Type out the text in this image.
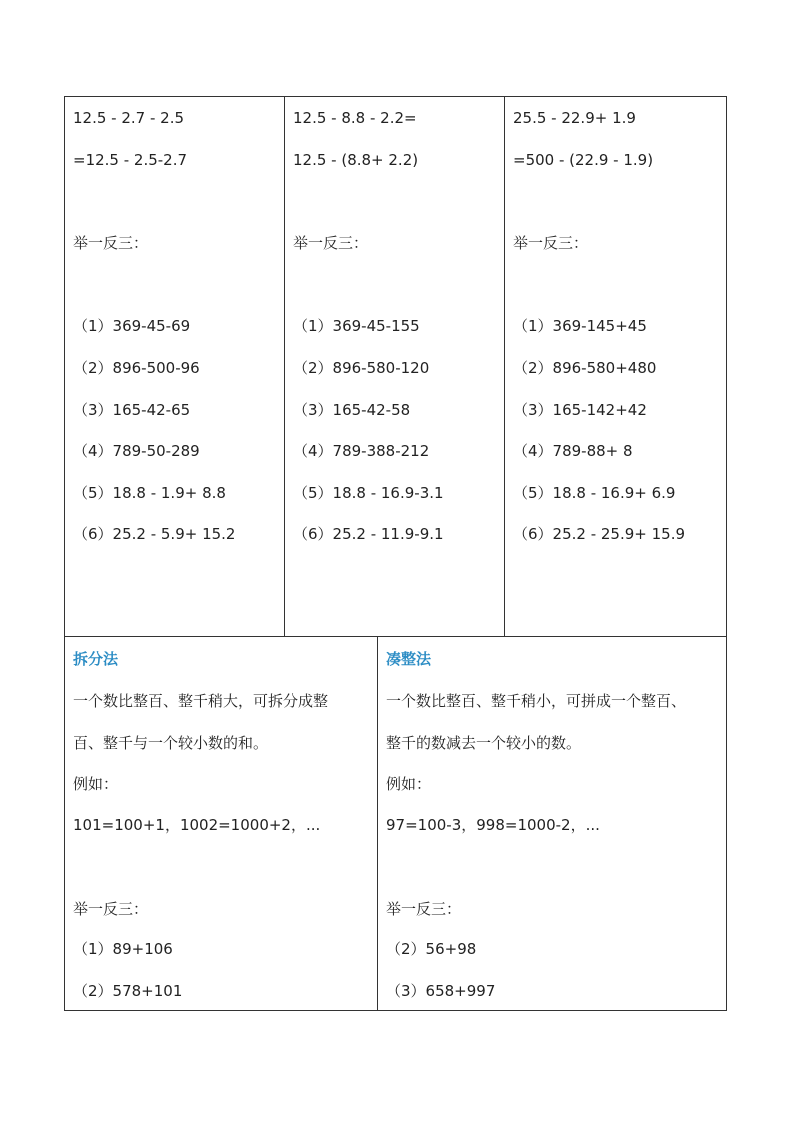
12.5 - 2.7 - 2.5
=12.5 - 2.5-2.7
举一反三：
（1）369-45-69
（2）896-500-96
（3）165-42-65
（4）789-50-289
（5）18.8 - 1.9+ 8.8
（6）25.2 - 5.9+ 15.2
12.5 - 8.8 - 2.2=
12.5 - (8.8+ 2.2)
举一反三：
（1）369-45-155
（2）896-580-120
（3）165-42-58
（4）789-388-212
（5）18.8 - 16.9-3.1
（6）25.2 - 11.9-9.1
25.5 - 22.9+ 1.9
=500 - (22.9 - 1.9)
举一反三：
（1）369-145+45
（2）896-580+480
（3）165-142+42
（4）789-88+ 8
（5）18.8 - 16.9+ 6.9
（6）25.2 - 25.9+ 15.9
拆分法
一个数比整百、整千稍大，可拆分成整
百、整千与一个较小数的和。
例如：
101=100+1，1002=1000+2，...
举一反三：
（1）89+106
（2）578+101
凑整法
一个数比整百、整千稍小，可拼成一个整百、
整千的数减去一个较小的数。
例如：
97=100-3，998=1000-2，...
举一反三：
（2）56+98
（3）658+997
